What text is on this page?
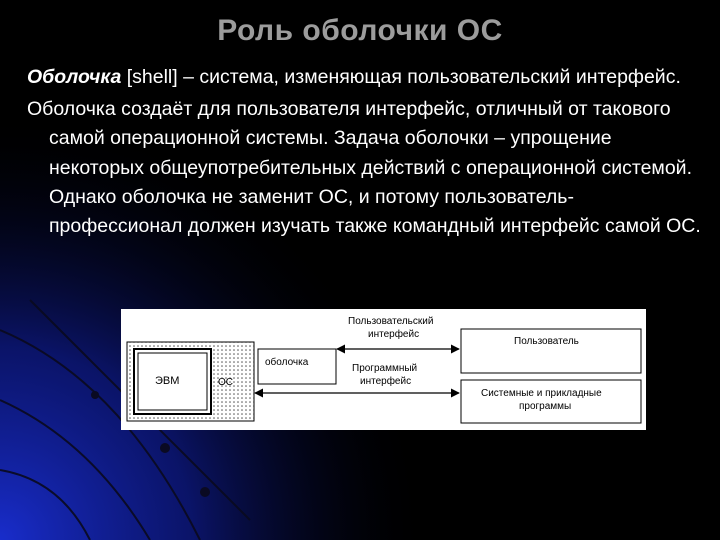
Роль оболочки ОС

Оболочка [shell] – система, изменяющая пользовательский интерфейс.

Оболочка создаёт для пользователя интерфейс, отличный от такового самой операционной системы. Задача оболочки – упрощение некоторых общеупотребительных действий с операционной системой. Однако оболочка не заменит ОС, и потому пользователь-профессионал должен изучать также командный интерфейс самой ОС.

ЭВМ	ОС
оболочка
Пользовательский
интерфейс
Программный
интерфейс
Пользователь
Системные и прикладные
программы
